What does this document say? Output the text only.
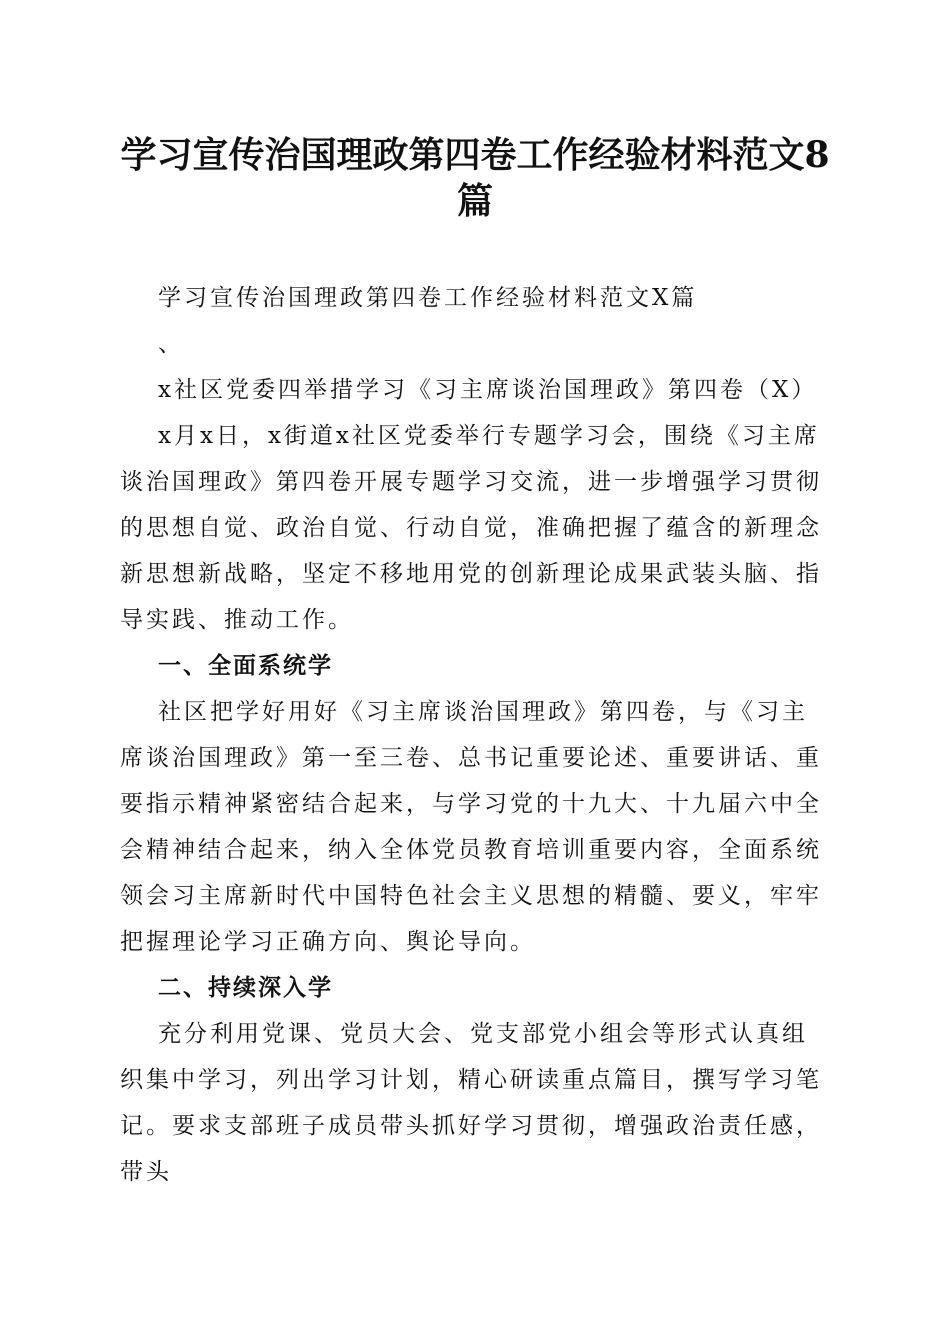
学习宣传治国理政第四卷工作经验材料范文8篇

学习宣传治国理政第四卷工作经验材料范文X篇

、

x社区党委四举措学习《习主席谈治国理政》第四卷（X）

x月x日，x街道x社区党委举行专题学习会，围绕《习主席谈治国理政》第四卷开展专题学习交流，进一步增强学习贯彻的思想自觉、政治自觉、行动自觉，准确把握了蕴含的新理念新思想新战略，坚定不移地用党的创新理论成果武装头脑、指导实践、推动工作。

一、全面系统学

社区把学好用好《习主席谈治国理政》第四卷，与《习主席谈治国理政》第一至三卷、总书记重要论述、重要讲话、重要指示精神紧密结合起来，与学习党的十九大、十九届六中全会精神结合起来，纳入全体党员教育培训重要内容，全面系统领会习主席新时代中国特色社会主义思想的精髓、要义，牢牢把握理论学习正确方向、舆论导向。

二、持续深入学

充分利用党课、党员大会、党支部党小组会等形式认真组织集中学习，列出学习计划，精心研读重点篇目，撰写学习笔记。要求支部班子成员带头抓好学习贯彻，增强政治责任感，带头
